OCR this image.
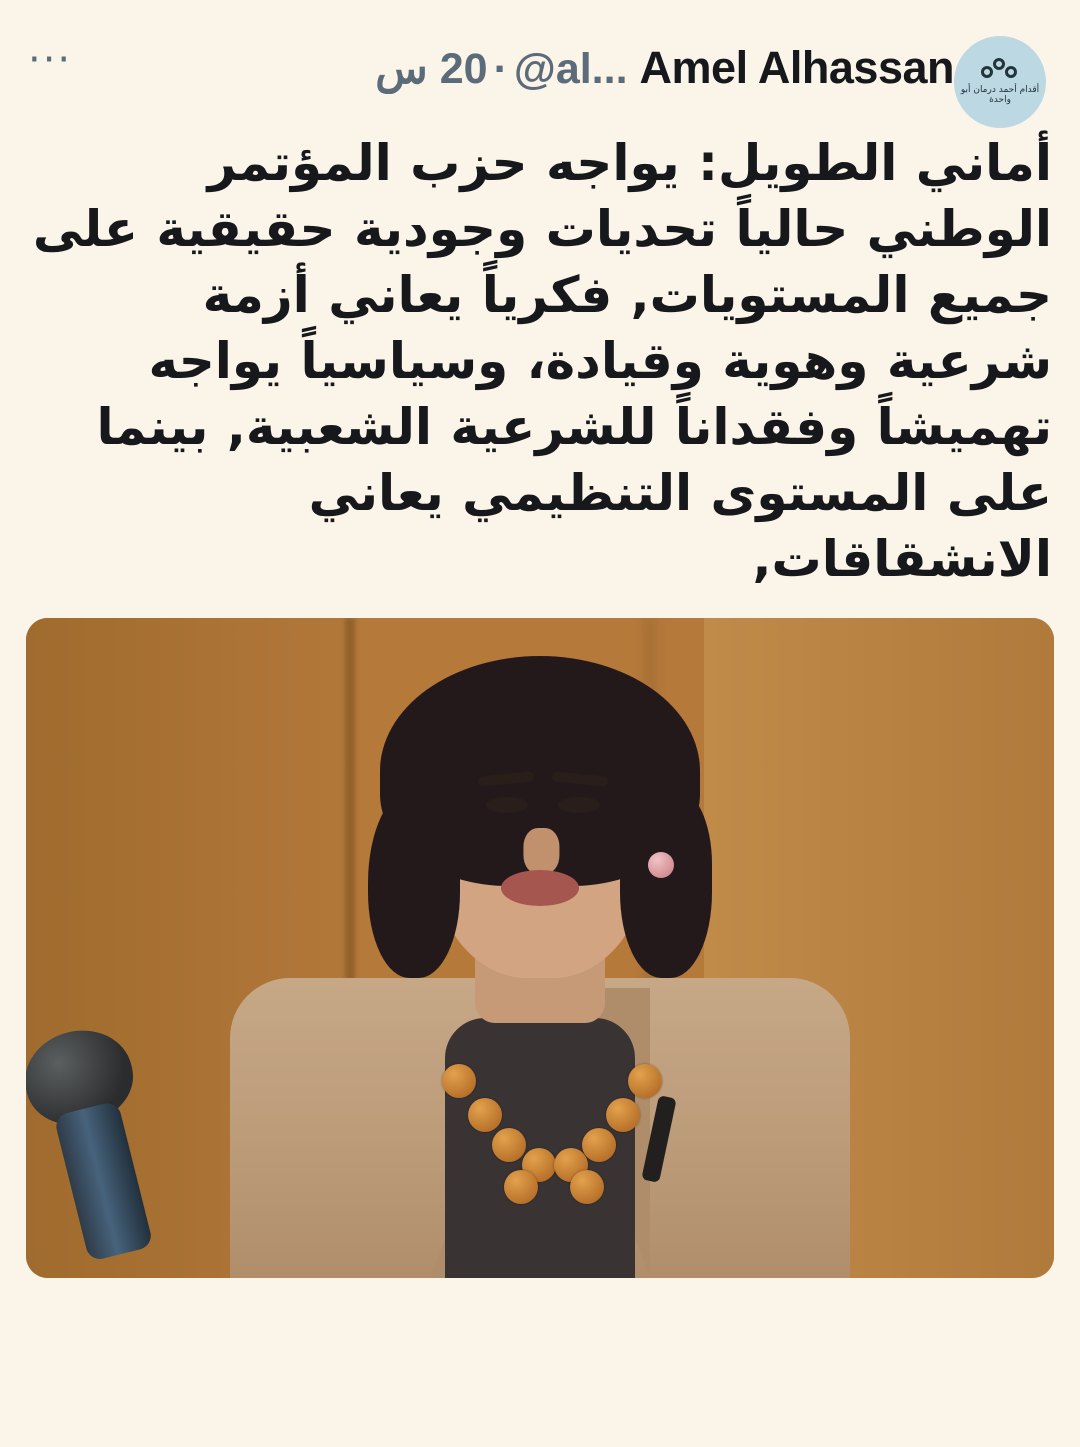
أقدام أحمد درمان أبو واحدة
Amel Alhassan
@al...
·
20 س
···
أماني الطويل: يواجه حزب المؤتمر الوطني حالياً تحديات وجودية حقيقية على جميع المستويات, فكرياً يعاني أزمة شرعية وهوية وقيادة، وسياسياً يواجه تهميشاً وفقداناً للشرعية الشعبية, بينما على المستوى التنظيمي يعاني الانشقاقات,
